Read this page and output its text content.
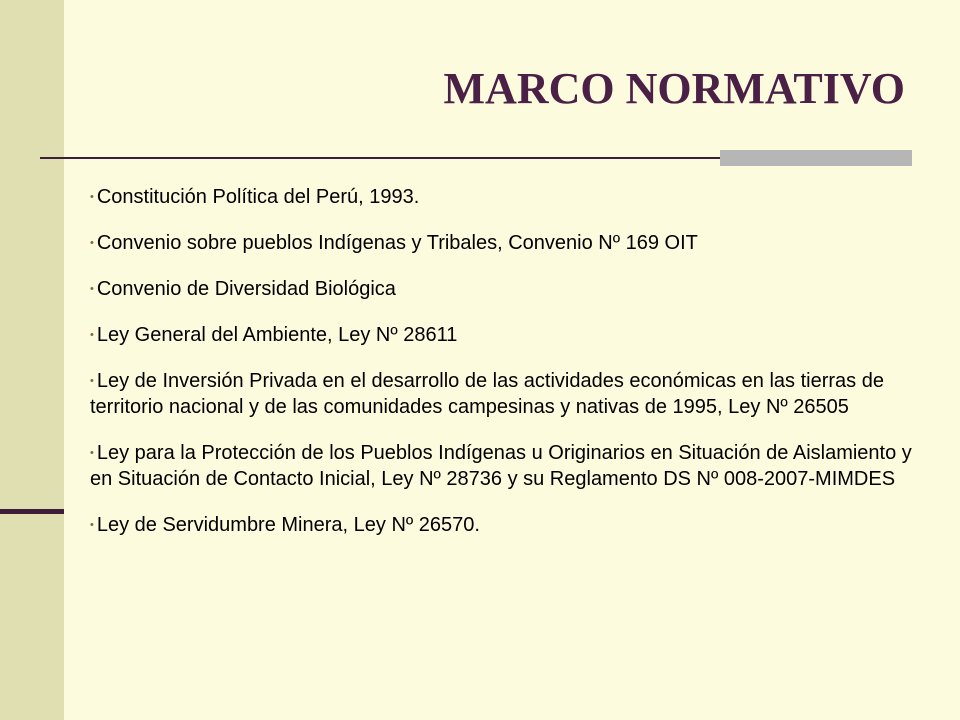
MARCO NORMATIVO
• Constitución Política del Perú, 1993.
• Convenio sobre pueblos Indígenas y Tribales, Convenio Nº 169 OIT
• Convenio de Diversidad Biológica
• Ley General del Ambiente, Ley Nº 28611
• Ley de Inversión Privada en el desarrollo de las actividades económicas en las tierras de territorio nacional y de las comunidades campesinas y nativas de 1995, Ley Nº 26505
• Ley para la Protección de los Pueblos Indígenas u Originarios en Situación de Aislamiento y en Situación de Contacto Inicial, Ley Nº 28736 y su Reglamento DS Nº 008-2007-MIMDES
• Ley de Servidumbre Minera, Ley Nº 26570.
